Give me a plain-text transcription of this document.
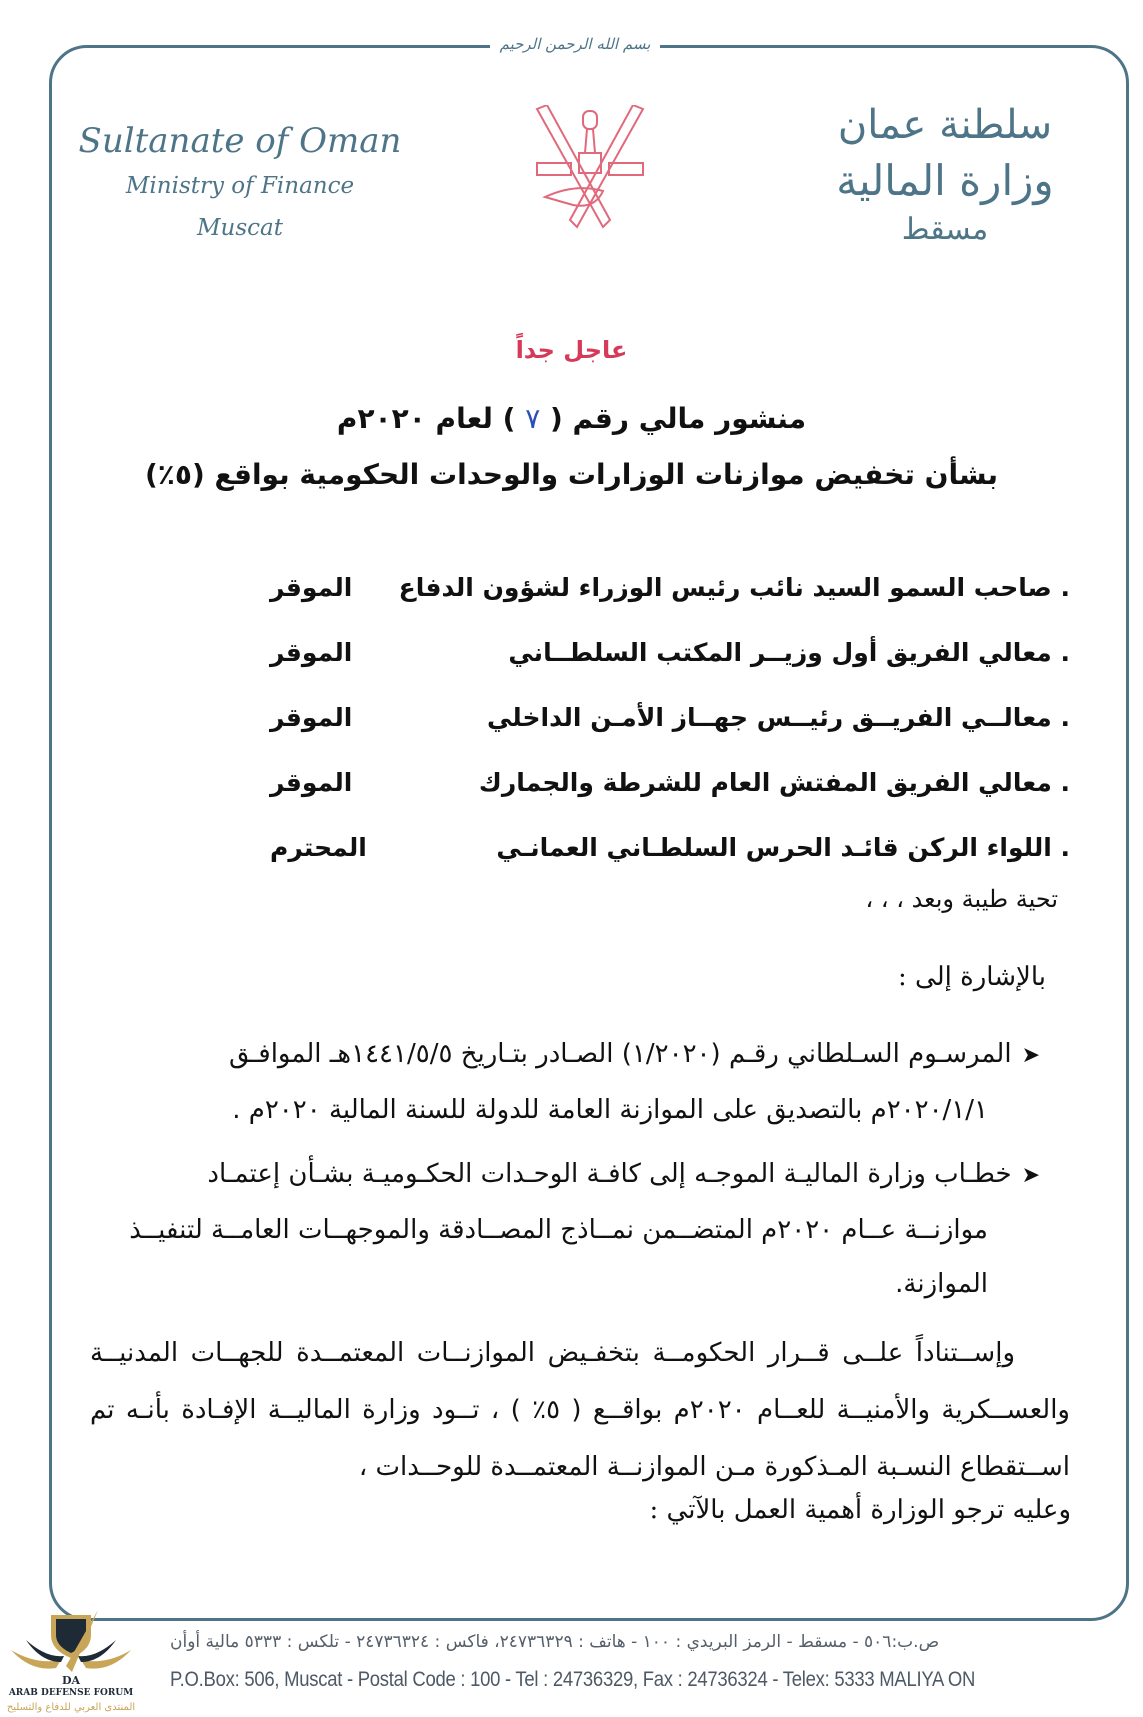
بسم الله الرحمن الرحيم
Sultanate of Oman
Ministry of Finance
Muscat
سلطنة عمان
وزارة المالية
مسقط
عاجل جداً
منشور مالي رقم ( ٧ ) لعام ٢٠٢٠م
بشأن تخفيض موازنات الوزارات والوحدات الحكومية بواقع (٥٪)
. صاحب السمو السيد نائب رئيس الوزراء لشؤون الدفاع
الموقر
. معالي الفريق أول وزيــر المكتب السلطــاني
الموقر
. معالــي الفريــق رئيــس جهــاز الأمـن الداخلي
الموقر
. معالي الفريق المفتش العام للشرطة والجمارك
الموقر
. اللواء الركن قائـد الحرس السلطـاني العمانـي
المحترم
تحية طيبة وبعد ، ، ،
بالإشارة إلى :
➤المرسـوم السـلطاني رقـم (١/٢٠٢٠) الصـادر بتـاريخ ١٤٤١/٥/٥هـ الموافـق
٢٠٢٠/١/١م بالتصديق على الموازنة العامة للدولة للسنة المالية ٢٠٢٠م .
➤خطـاب وزارة الماليـة الموجـه إلى كافـة الوحـدات الحكـوميـة بشـأن إعتمـاد
موازنــة عــام ٢٠٢٠م المتضــمن نمــاذج المصــادقة والموجهــات العامــة لتنفيــذ
الموازنة.
وإســتناداً علــى قــرار الحكومــة بتخفـيض الموازنــات المعتمــدة للجهــات المدنيــة والعســكرية والأمنيــة للعــام ٢٠٢٠م بواقــع ( ٥٪ ) ، تــود وزارة الماليــة الإفـادة بأنـه تم اســتقطاع النسـبة المـذكورة مـن الموازنــة المعتمــدة للوحــدات ،
وعليه ترجو الوزارة أهمية العمل بالآتي :
ص.ب:٥٠٦ - مسقط - الرمز البريدي : ١٠٠ - هاتف : ٢٤٧٣٦٣٢٩، فاكس : ٢٤٧٣٦٣٢٤ - تلكس : ٥٣٣٣ مالية أوأن
P.O.Box: 506, Muscat - Postal Code : 100 - Tel : 24736329, Fax : 24736324 - Telex: 5333 MALIYA ON
DA
ARAB DEFENSE FORUM
المنتدى العربي للدفاع والتسليح
